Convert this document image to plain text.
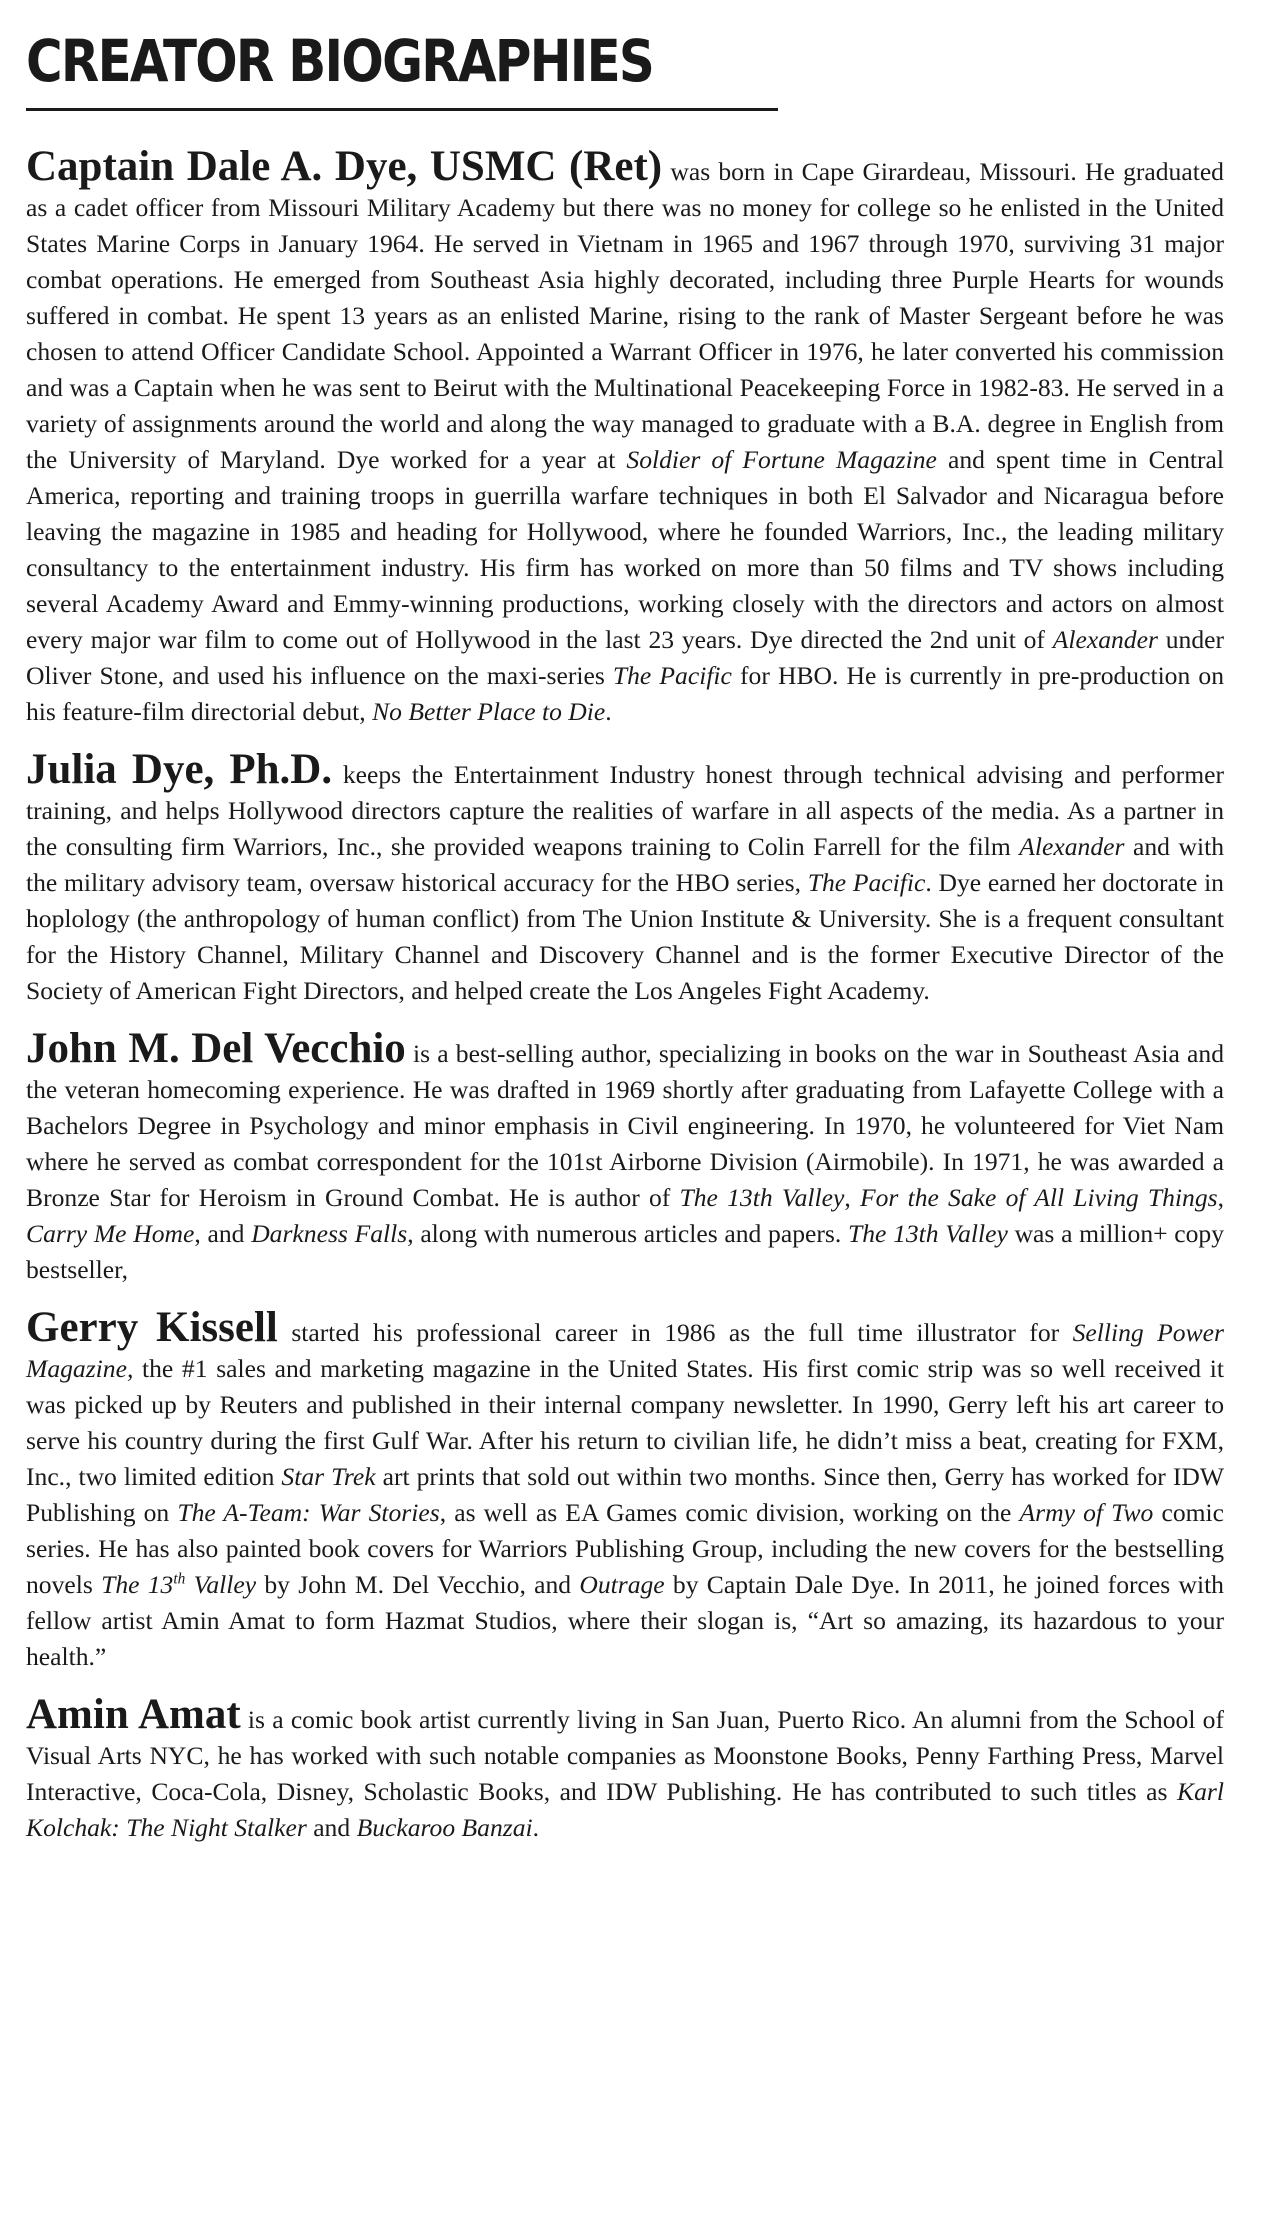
CREATOR BIOGRAPHIES

Captain Dale A. Dye, USMC (Ret) was born in Cape Girardeau, Missouri. He graduated as a cadet officer from Missouri Military Academy but there was no money for college so he enlisted in the United States Marine Corps in January 1964. He served in Vietnam in 1965 and 1967 through 1970, surviving 31 major combat operations. He emerged from Southeast Asia highly decorated, including three Purple Hearts for wounds suffered in combat. He spent 13 years as an enlisted Marine, rising to the rank of Master Sergeant before he was chosen to attend Officer Candidate School. Appointed a Warrant Officer in 1976, he later converted his commission and was a Captain when he was sent to Beirut with the Multinational Peacekeeping Force in 1982-83. He served in a variety of assignments around the world and along the way managed to graduate with a B.A. degree in English from the University of Maryland. Dye worked for a year at Soldier of Fortune Magazine and spent time in Central America, reporting and training troops in guerrilla warfare techniques in both El Salvador and Nicaragua before leaving the magazine in 1985 and heading for Hollywood, where he founded Warriors, Inc., the leading military consultancy to the entertainment industry. His firm has worked on more than 50 films and TV shows including several Academy Award and Emmy-winning productions, working closely with the directors and actors on almost every major war film to come out of Hollywood in the last 23 years. Dye directed the 2nd unit of Alexander under Oliver Stone, and used his influence on the maxi-series The Pacific for HBO. He is currently in pre-production on his feature-film directorial debut, No Better Place to Die.

Julia Dye, Ph.D. keeps the Entertainment Industry honest through technical advising and performer training, and helps Hollywood directors capture the realities of warfare in all aspects of the media. As a partner in the consulting firm Warriors, Inc., she provided weapons training to Colin Farrell for the film Alexander and with the military advisory team, oversaw historical accuracy for the HBO series, The Pacific. Dye earned her doctorate in hoplology (the anthropology of human conflict) from The Union Institute & University. She is a frequent consultant for the History Channel, Military Channel and Discovery Channel and is the former Executive Director of the Society of American Fight Directors, and helped create the Los Angeles Fight Academy.

John M. Del Vecchio is a best-selling author, specializing in books on the war in Southeast Asia and the veteran homecoming experience. He was drafted in 1969 shortly after graduating from Lafayette College with a Bachelors Degree in Psychology and minor emphasis in Civil engineering. In 1970, he volunteered for Viet Nam where he served as combat correspondent for the 101st Airborne Division (Airmobile). In 1971, he was awarded a Bronze Star for Heroism in Ground Combat. He is author of The 13th Valley, For the Sake of All Living Things, Carry Me Home, and Darkness Falls, along with numerous articles and papers. The 13th Valley was a million+ copy bestseller,

Gerry Kissell started his professional career in 1986 as the full time illustrator for Selling Power Magazine, the #1 sales and marketing magazine in the United States. His first comic strip was so well received it was picked up by Reuters and published in their internal company newsletter. In 1990, Gerry left his art career to serve his country during the first Gulf War. After his return to civilian life, he didn’t miss a beat, creating for FXM, Inc., two limited edition Star Trek art prints that sold out within two months. Since then, Gerry has worked for IDW Publishing on The A-Team: War Stories, as well as EA Games comic division, working on the Army of Two comic series. He has also painted book covers for Warriors Publishing Group, including the new covers for the bestselling novels The 13th Valley by John M. Del Vecchio, and Outrage by Captain Dale Dye. In 2011, he joined forces with fellow artist Amin Amat to form Hazmat Studios, where their slogan is, “Art so amazing, its hazardous to your health.”

Amin Amat is a comic book artist currently living in San Juan, Puerto Rico. An alumni from the School of Visual Arts NYC, he has worked with such notable companies as Moonstone Books, Penny Farthing Press, Marvel Interactive, Coca-Cola, Disney, Scholastic Books, and IDW Publishing. He has contributed to such titles as Karl Kolchak: The Night Stalker and Buckaroo Banzai.
